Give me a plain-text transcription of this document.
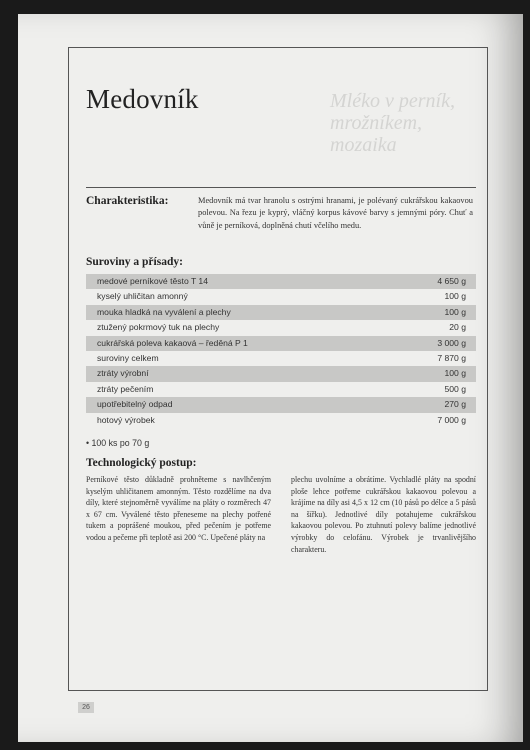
Mléko v perník, mrožníkem, mozaika
Medovník
Charakteristika:	Medovník má tvar hranolu s ostrými hranami, je polévaný cukrářskou kakaovou polevou. Na řezu je kyprý, vláčný korpus kávové barvy s jemnými póry. Chuť a vůně je perníková, doplněná chutí včelího medu.
Suroviny a přísady:
medové perníkové těsto T 14	4 650 g
kyselý uhličitan amonný	100 g
mouka hladká na vyválení a plechy	100 g
ztužený pokrmový tuk na plechy	20 g
cukrářská poleva kakaová – ředěná P 1	3 000 g
suroviny celkem	7 870 g
ztráty výrobní	100 g
ztráty pečením	500 g
upotřebitelný odpad	270 g
hotový výrobek	7 000 g
• 100 ks po 70 g
Technologický postup:
Perníkové těsto důkladně prohněteme s navlhčeným kyselým uhličitanem amonným. Těsto rozdělíme na dva díly, které stejnoměrně vyválíme na pláty o rozměrech 47 x 67 cm. Vyválené těsto přeneseme na plechy potřené tukem a poprášené moukou, před pečením je potřeme vodou a pečeme při teplotě asi 200 °C. Upečené pláty na
plechu uvolníme a obrátíme. Vychladlé pláty na spodní ploše lehce potřeme cukrářskou kakaovou polevou a krájíme na díly asi 4,5 x 12 cm (10 pásů po délce a 5 pásů na šířku). Jednotlivé díly potahujeme cukrářskou kakaovou polevou. Po ztuhnutí polevy balíme jednotlivé výrobky do celofánu. Výrobek je trvanlivějšího charakteru.
26
